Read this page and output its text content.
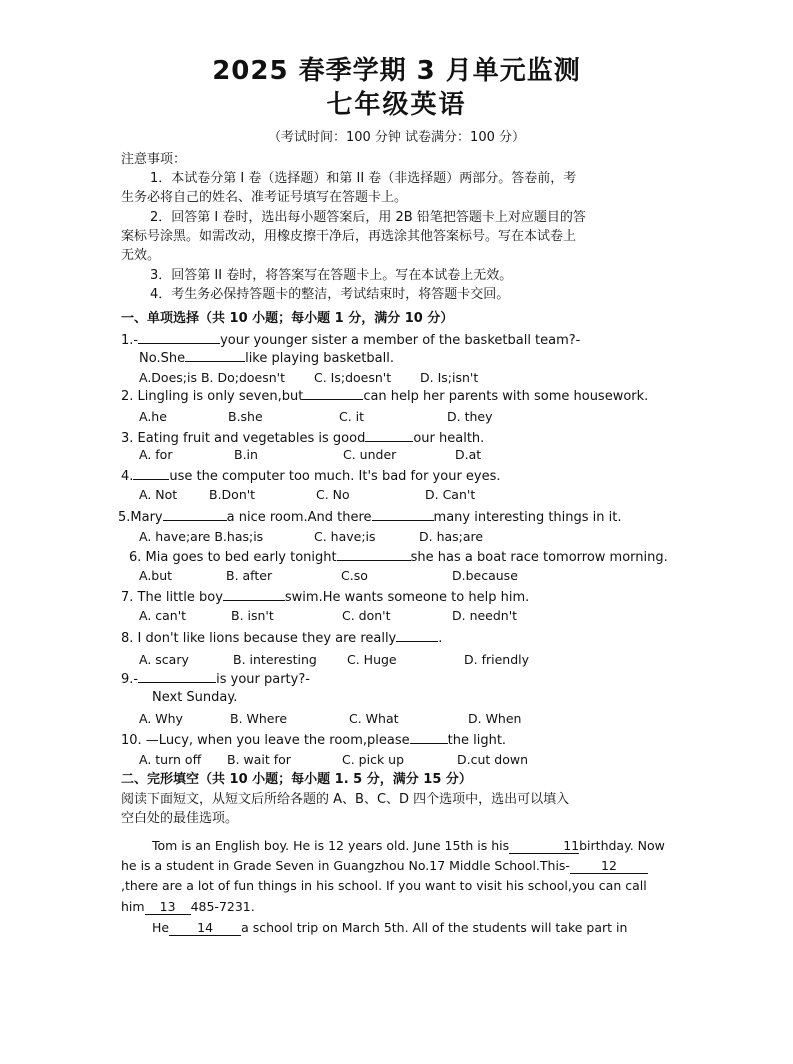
2025 春季学期 3 月单元监测
七年级英语
（考试时间：100 分钟 试卷满分：100 分）
注意事项：
1．本试卷分第 I 卷（选择题）和第 II 卷（非选择题）两部分。答卷前，考
生务必将自己的姓名、准考证号填写在答题卡上。
2．回答第 I 卷时，选出每小题答案后，用 2B 铅笔把答题卡上对应题目的答
案标号涂黑。如需改动，用橡皮擦干净后，再选涂其他答案标号。写在本试卷上
无效。
3．回答第 II 卷时，将答案写在答题卡上。写在本试卷上无效。
4．考生务必保持答题卡的整洁，考试结束时，将答题卡交回。
一、单项选择（共 10 小题；每小题 1 分，满分 10 分）
1.-	your younger sister a member of the basketball team?-
No.She	like playing basketball.
A.Does;is B. Do;doesn't C. Is;doesn't D. Is;isn't
2. Lingling is only seven,but	can help her parents with some housework.
A.he	B.she	C. it	D. they
3. Eating fruit and vegetables is good	our health.
A. for	B.in	C. under	D.at
4.	use the computer too much. It's bad for your eyes.
A. Not	B.Don't	C. No	D. Can't
5.Mary	a nice room.And there	many interesting things in it.
A. have;are B.has;is	C. have;is	D. has;are
6. Mia goes to bed early tonight	she has a boat race tomorrow morning.
A.but	B. after	C.so	D.because
7. The little boy	swim.He wants someone to help him.
A. can't	B. isn't	C. don't	D. needn't
8. I don't like lions because they are really	.
A. scary	B. interesting C. Huge	D. friendly
9.-	is your party?-
Next Sunday.
A. Why	B. Where	C. What	D. When
10. —Lucy, when you leave the room,please	the light.
A. turn off B. wait for	C. pick up	D.cut down
二、完形填空（共 10 小题；每小题 1. 5 分，满分 15 分）
阅读下面短文，从短文后所给各题的 A、B、C、D 四个选项中，选出可以填入
空白处的最佳选项。
Tom is an English boy. He is 12 years old. June 15th is his	11birthday. Now
he is a student in Grade Seven in Guangzhou No.17 Middle School.This- 12
,there are a lot of fun things in his school. If you want to visit his school,you can call
him 13 485-7231.
He 14 a school trip on March 5th. All of the students will take part in
